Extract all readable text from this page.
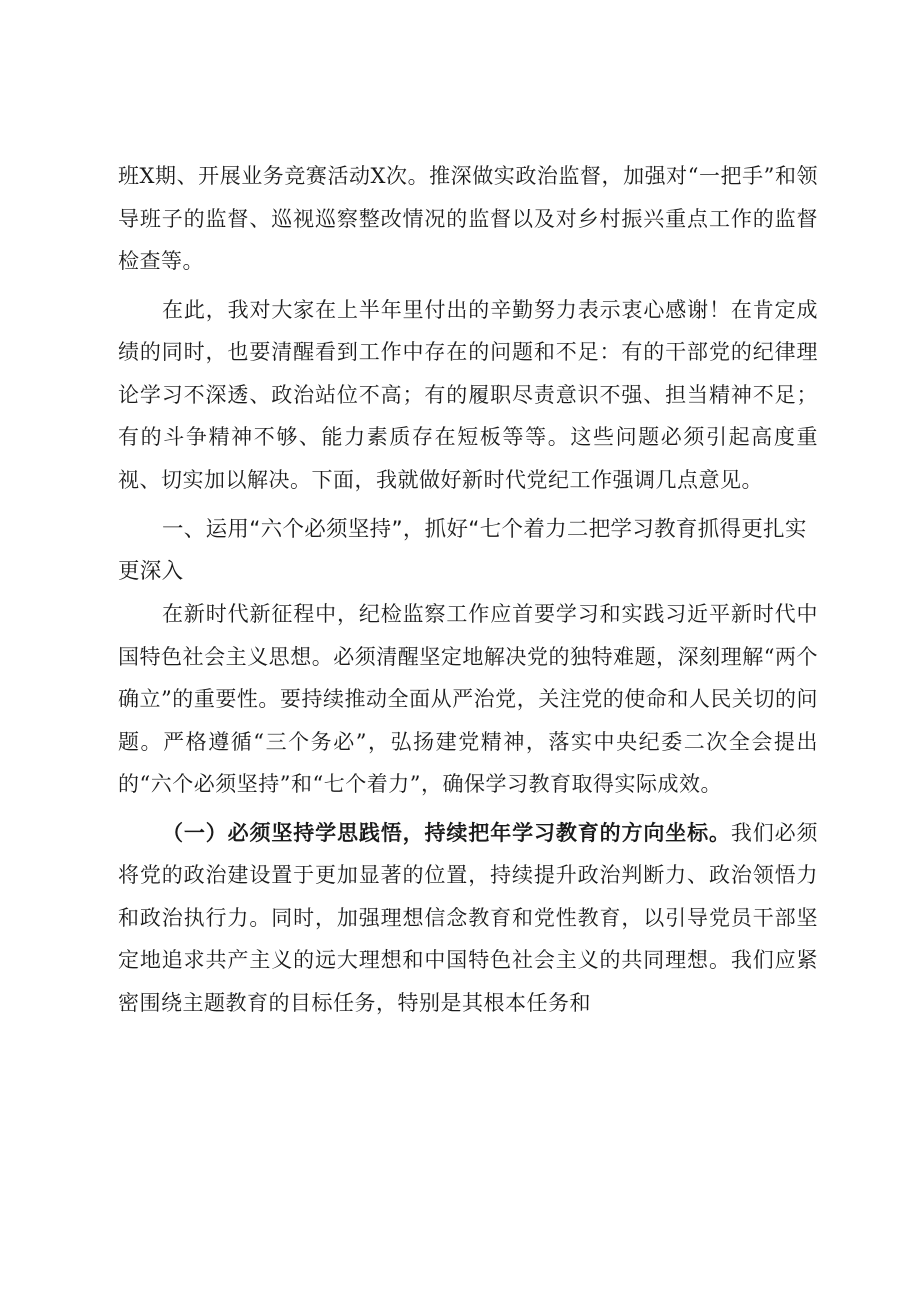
班X期、开展业务竞赛活动X次。推深做实政治监督，加强对“一把手”和领导班子的监督、巡视巡察整改情况的监督以及对乡村振兴重点工作的监督检查等。

在此，我对大家在上半年里付出的辛勤努力表示衷心感谢！在肯定成绩的同时，也要清醒看到工作中存在的问题和不足：有的干部党的纪律理论学习不深透、政治站位不高；有的履职尽责意识不强、担当精神不足；有的斗争精神不够、能力素质存在短板等等。这些问题必须引起高度重视、切实加以解决。下面，我就做好新时代党纪工作强调几点意见。

一、运用“六个必须坚持”，抓好“七个着力二把学习教育抓得更扎实更深入

在新时代新征程中，纪检监察工作应首要学习和实践习近平新时代中国特色社会主义思想。必须清醒坚定地解决党的独特难题，深刻理解“两个确立”的重要性。要持续推动全面从严治党，关注党的使命和人民关切的问题。严格遵循“三个务必”，弘扬建党精神，落实中央纪委二次全会提出的“六个必须坚持”和“七个着力”，确保学习教育取得实际成效。

（一）必须坚持学思践悟，持续把年学习教育的方向坐标。我们必须将党的政治建设置于更加显著的位置，持续提升政治判断力、政治领悟力和政治执行力。同时，加强理想信念教育和党性教育，以引导党员干部坚定地追求共产主义的远大理想和中国特色社会主义的共同理想。我们应紧密围绕主题教育的目标任务，特别是其根本任务和
